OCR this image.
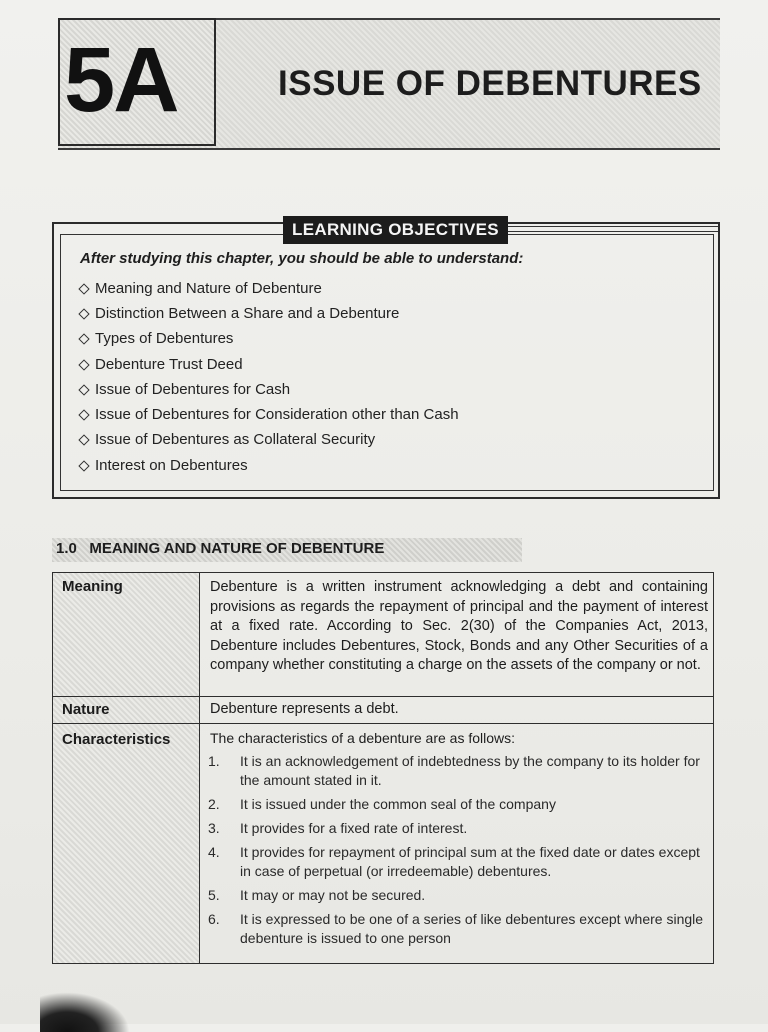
5A	ISSUE OF DEBENTURES
LEARNING OBJECTIVES
After studying this chapter, you should be able to understand:
Meaning and Nature of Debenture
Distinction Between a Share and a Debenture
Types of Debentures
Debenture Trust Deed
Issue of Debentures for Cash
Issue of Debentures for Consideration other than Cash
Issue of Debentures as Collateral Security
Interest on Debentures
1.0   MEANING AND NATURE OF DEBENTURE
Meaning	Debenture is a written instrument acknowledging a debt and containing provisions as regards the repayment of principal and the payment of interest at a fixed rate. According to Sec. 2(30) of the Companies Act, 2013, Debenture includes Debentures, Stock, Bonds and any Other Securities of a company whether constituting a charge on the assets of the company or not.
Nature	Debenture represents a debt.
Characteristics	The characteristics of a debenture are as follows:
1.	It is an acknowledgement of indebtedness by the company to its holder for the amount stated in it.
2.	It is issued under the common seal of the company
3.	It provides for a fixed rate of interest.
4.	It provides for repayment of principal sum at the fixed date or dates except in case of perpetual (or irredeemable) debentures.
5.	It may or may not be secured.
6.	It is expressed to be one of a series of like debentures except where single debenture is issued to one person
